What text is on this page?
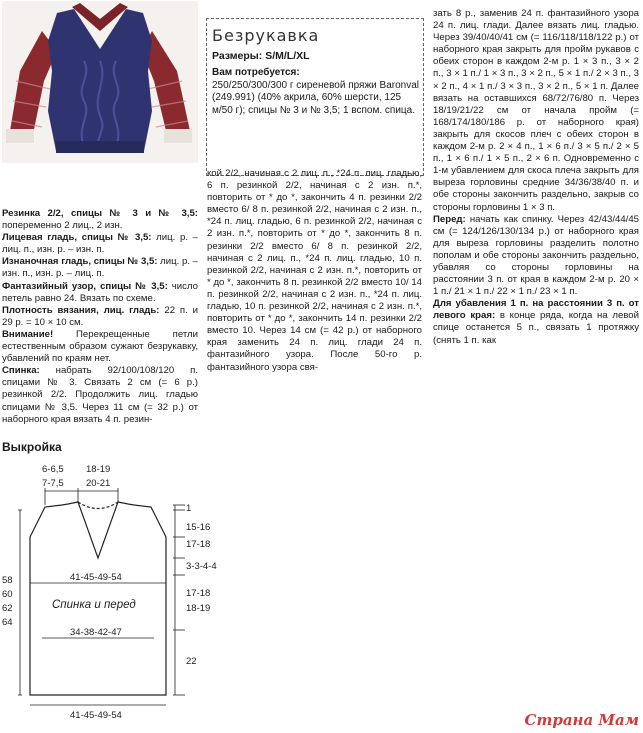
Безрукавка
Размеры: S/M/L/XL
Вам потребуется:
250/250/300/300 г сиреневой пряжи Baronval (249.991) (40% акрила, 60% шерсти, 125 м/50 г); спицы № 3 и № 3,5; 1 вспом. спица.

Резинка 2/2, спицы № 3 и № 3,5: попеременно 2 лиц., 2 изн.

Лицевая гладь, спицы № 3,5: лиц. р. – лиц. п., изн. р. – изн. п.

Изнаночная гладь, спицы № 3,5: лиц. р. – изн. п., изн. р. – лиц. п.

Фантазийный узор, спицы № 3,5: число петель равно 24. Вязать по схеме.

Плотность вязания, лиц. гладь: 22 п. и 29 р. = 10 × 10 см.

Внимание! Перекрещенные петли естественным образом сужают безрукавку, убавлений по краям нет.

Спинка: набрать 92/100/108/120 п. спицами № 3. Связать 2 см (= 6 р.) резинкой 2/2. Продолжить лиц. гладью спицами № 3,5. Через 11 см (= 32 р.) от наборного края вязать 4 п. резин-

кой 2/2, начиная с 2 лиц. п., *24 п. лиц. гладью, 6 п. резинкой 2/2, начиная с 2 изн. п.*, повторить от * до *, закончить 4 п. резинки 2/2 вместо 6/ 8 п. резинкой 2/2, начиная с 2 изн. п., *24 п. лиц. гладью, 6 п. резинкой 2/2, начиная с 2 изн. п.*, повторить от * до *, закончить 8 п. резинки 2/2 вместо 6/ 8 п. резинкой 2/2, начиная с 2 лиц. п., *24 п. лиц. гладью, 10 п. резинкой 2/2, начиная с 2 изн. п.*, повторить от * до *, закончить 8 п. резинкой 2/2 вместо 10/ 14 п. резинкой 2/2, начиная с 2 изн. п., *24 п. лиц. гладью, 10 п. резинкой 2/2, начиная с 2 изн. п.*, повторить от * до *, закончить 14 п. резинки 2/2 вместо 10. Через 14 см (= 42 р.) от наборного края заменить 24 п. лиц. глади 24 п. фантазийного узора. После 50-го р. фантазийного узора свя-

зать 8 р., заменив 24 п. фантазийного узора 24 п. лиц. глади. Далее вязать лиц. гладью. Через 39/40/40/41 см (= 116/118/118/122 р.) от наборного края закрыть для пройм рукавов с обеих сторон в каждом 2-м р. 1 × 3 п., 3 × 2 п., 3 × 1 п./ 1 × 3 п., 3 × 2 п., 5 × 1 п./ 2 × 3 п., 3 × 2 п., 4 × 1 п./ 3 × 3 п., 3 × 2 п., 5 × 1 п. Далее вязать на оставшихся 68/72/76/80 п. Через 18/19/21/22 см от начала пройм (= 168/174/180/186 р. от наборного края) закрыть для скосов плеч с обеих сторон в каждом 2-м р. 2 × 4 п., 1 × 6 п./ 3 × 5 п./ 2 × 5 п., 1 × 6 п./ 1 × 5 п., 2 × 6 п. Одновременно с 1-м убавлением для скоса плеча закрыть для выреза горловины средние 34/36/38/40 п. и обе стороны закончить раздельно, закрыв со стороны горловины 1 × 3 п.

Перед: начать как спинку. Через 42/43/44/45 см (= 124/126/130/134 р.) от наборного края для выреза горловины разделить полотно пополам и обе стороны закончить раздельно, убавляя со стороны горловины на расстоянии 3 п. от края в каждом 2-м р. 20 × 1 п./ 21 × 1 п./ 22 × 1 п./ 23 × 1 п.

Для убавления 1 п. на расстоянии 3 п. от левого края: в конце ряда, когда на левой спице останется 5 п., связать 1 протяжку (снять 1 п. как

Выкройка
6-6,5
7-7,5
18-19
20-21
1
15-16
17-18
3-3-4-4
17-18
18-19
22
58
60
62
64
41-45-49-54
34-38-42-47
41-45-49-54
Спинка и перед
Страна Мам
